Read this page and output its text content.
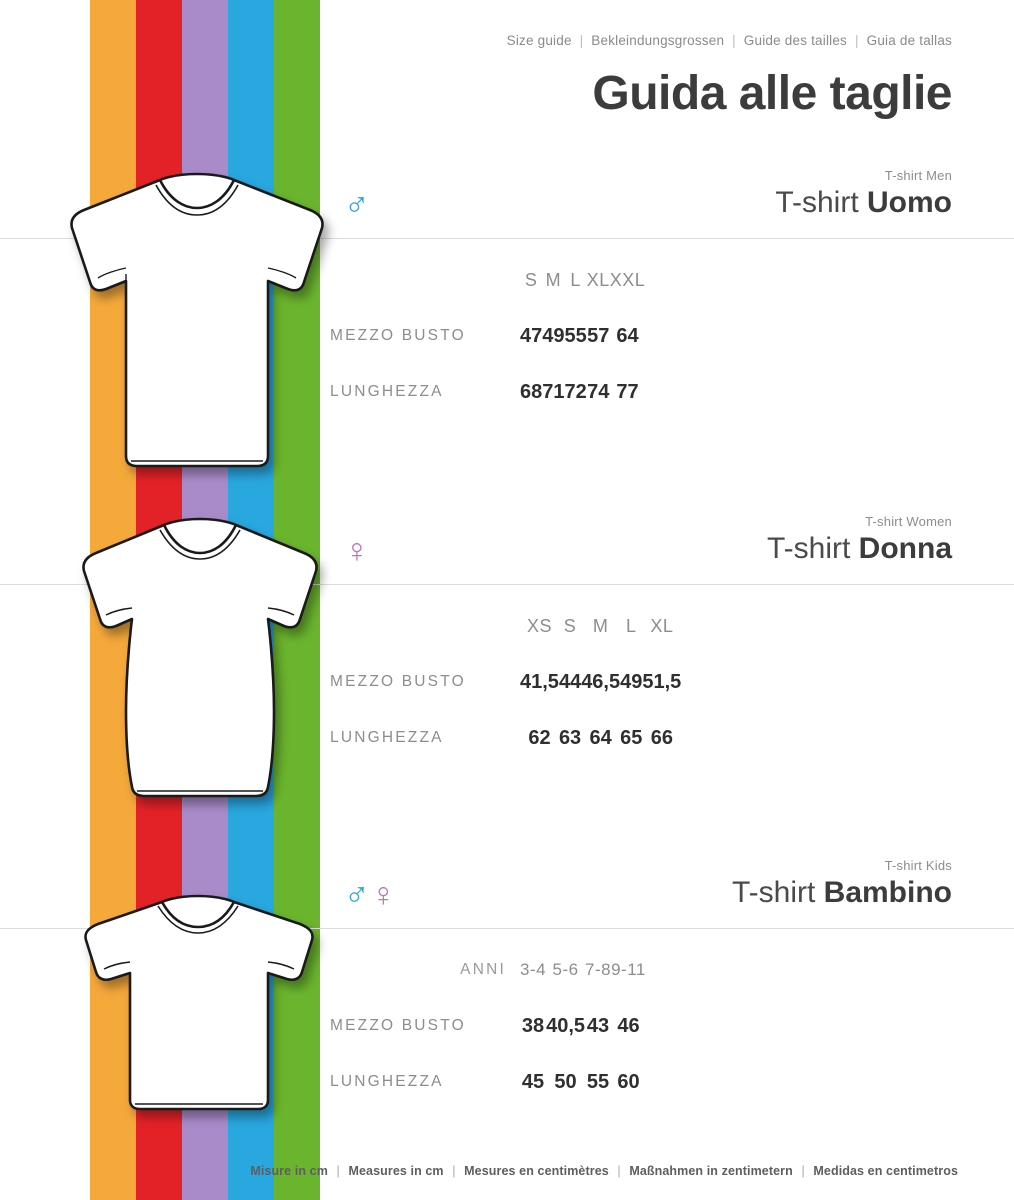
Size guide | Bekleindungsgrossen | Guide des tailles | Guia de tallas
Guida alle taglie
T-shirt Men
T-shirt Uomo
♂
	S	M	L	XL	XXL
MEZZO BUSTO	47	49	55	57	64
LUNGHEZZA	68	71	72	74	77
T-shirt Women
T-shirt Donna
♀
	XS	S	M	L	XL
MEZZO BUSTO	41,5	44	46,5	49	51,5
LUNGHEZZA	62	63	64	65	66
T-shirt Kids
T-shirt Bambino
♂♀
ANNI	3-4	5-6	7-8	9-11
MEZZO BUSTO	38	40,5	43	46
LUNGHEZZA	45	50	55	60
Misure in cm | Measures in cm | Mesures en centimètres | Maßnahmen in zentimetern | Medidas en centimetros
